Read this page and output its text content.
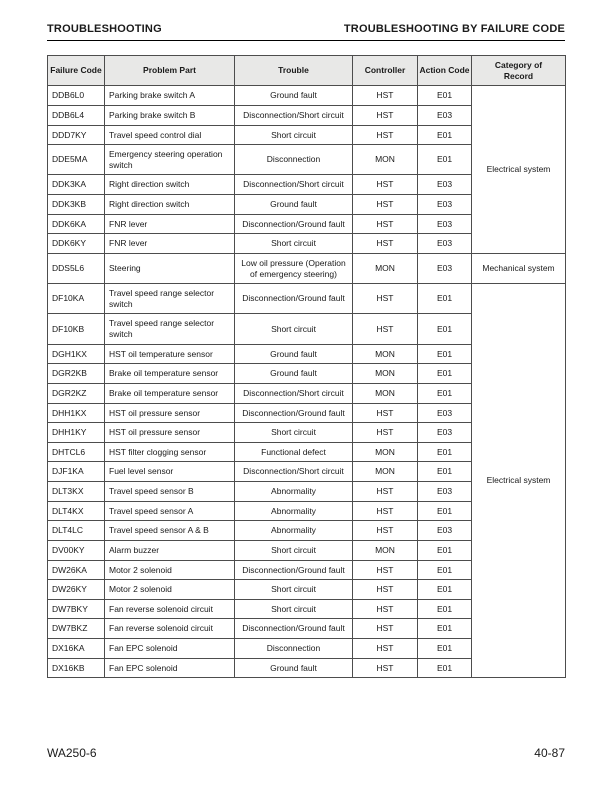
TROUBLESHOOTING	TROUBLESHOOTING BY FAILURE CODE
Failure Code	Problem Part	Trouble	Controller	Action Code	Category of Record
DDB6L0	Parking brake switch A	Ground fault	HST	E01	Electrical system
DDB6L4	Parking brake switch B	Disconnection/Short circuit	HST	E03	
DDD7KY	Travel speed control dial	Short circuit	HST	E01	
DDE5MA	Emergency steering operation switch	Disconnection	MON	E01	
DDK3KA	Right direction switch	Disconnection/Short circuit	HST	E03	
DDK3KB	Right direction switch	Ground fault	HST	E03	
DDK6KA	FNR lever	Disconnection/Ground fault	HST	E03	
DDK6KY	FNR lever	Short circuit	HST	E03	
DDS5L6	Steering	Low oil pressure (Operation of emergency steering)	MON	E03	Mechanical system
DF10KA	Travel speed range selector switch	Disconnection/Ground fault	HST	E01	Electrical system
DF10KB	Travel speed range selector switch	Short circuit	HST	E01	
DGH1KX	HST oil temperature sensor	Ground fault	MON	E01	
DGR2KB	Brake oil temperature sensor	Ground fault	MON	E01	
DGR2KZ	Brake oil temperature sensor	Disconnection/Short circuit	MON	E01	
DHH1KX	HST oil pressure sensor	Disconnection/Ground fault	HST	E03	
DHH1KY	HST oil pressure sensor	Short circuit	HST	E03	
DHTCL6	HST filter clogging sensor	Functional defect	MON	E01	
DJF1KA	Fuel level sensor	Disconnection/Short circuit	MON	E01	
DLT3KX	Travel speed sensor B	Abnormality	HST	E03	
DLT4KX	Travel speed sensor A	Abnormality	HST	E01	
DLT4LC	Travel speed sensor A & B	Abnormality	HST	E03	
DV00KY	Alarm buzzer	Short circuit	MON	E01	
DW26KA	Motor 2 solenoid	Disconnection/Ground fault	HST	E01	
DW26KY	Motor 2 solenoid	Short circuit	HST	E01	
DW7BKY	Fan reverse solenoid circuit	Short circuit	HST	E01	
DW7BKZ	Fan reverse solenoid circuit	Disconnection/Ground fault	HST	E01	
DX16KA	Fan EPC solenoid	Disconnection	HST	E01	
DX16KB	Fan EPC solenoid	Ground fault	HST	E01	
WA250-6	40-87
